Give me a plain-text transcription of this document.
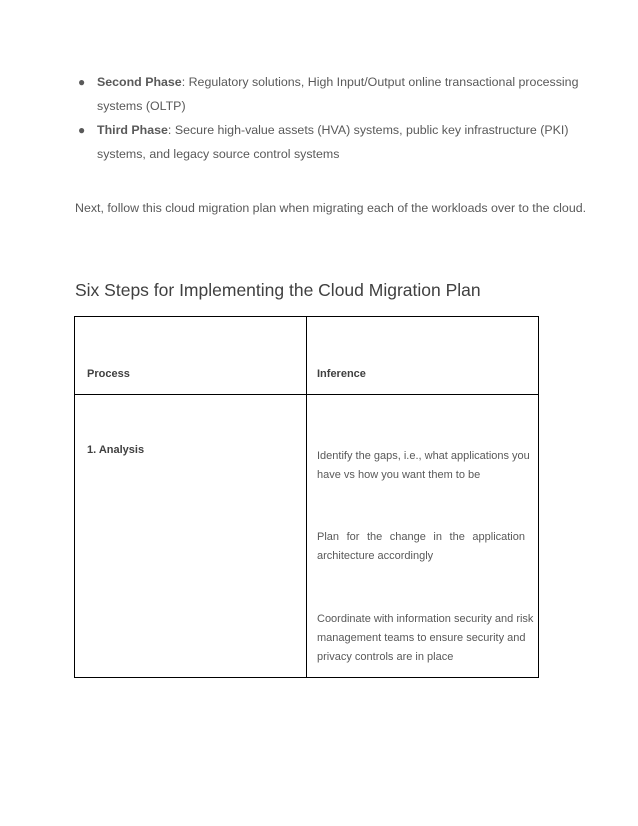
● Second Phase: Regulatory solutions, High Input/Output online transactional processing
systems (OLTP)
● Third Phase: Secure high-value assets (HVA) systems, public key infrastructure (PKI)
systems, and legacy source control systems
Next, follow this cloud migration plan when migrating each of the workloads over to the cloud.
Six Steps for Implementing the Cloud Migration Plan
Process	Inference
1. Analysis	Identify the gaps, i.e., what applications you
have vs how you want them to be
Plan for the change in the application
architecture accordingly
Coordinate with information security and risk
management teams to ensure security and
privacy controls are in place
